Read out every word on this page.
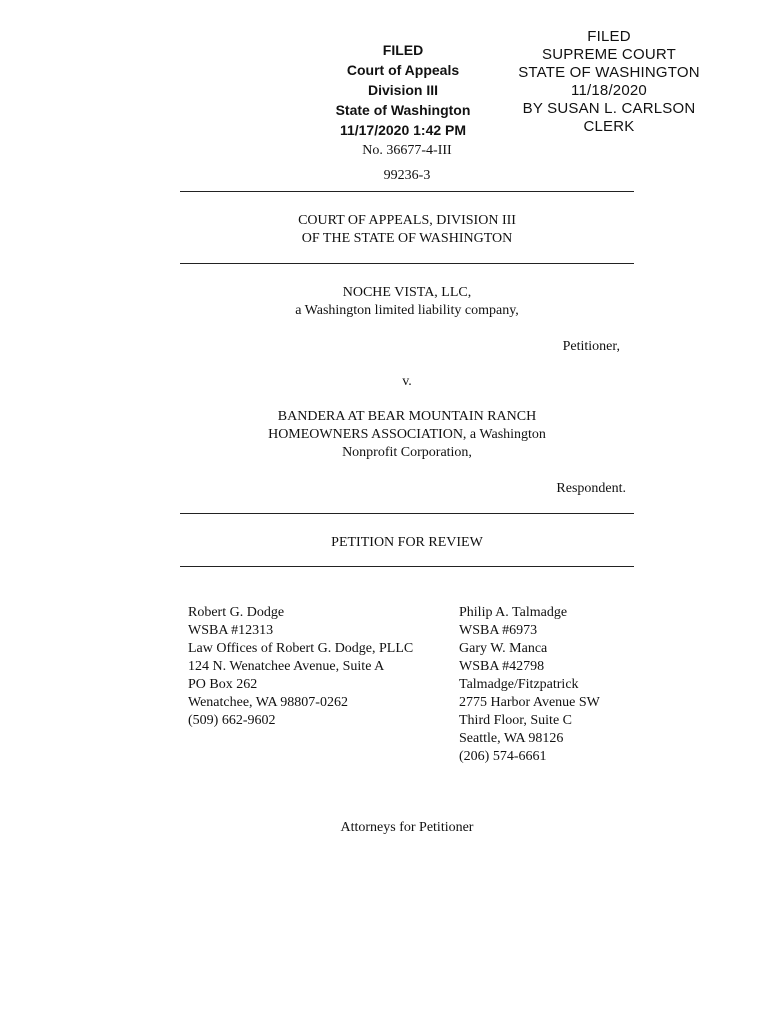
FILED
Court of Appeals
Division III
State of Washington
11/17/2020 1:42 PM
FILED
SUPREME COURT
STATE OF WASHINGTON
11/18/2020
BY SUSAN L. CARLSON
CLERK
No. 36677-4-III
99236-3
COURT OF APPEALS, DIVISION III
OF THE STATE OF WASHINGTON
NOCHE VISTA, LLC,
a Washington limited liability company,
Petitioner,
v.
BANDERA AT BEAR MOUNTAIN RANCH
HOMEOWNERS ASSOCIATION, a Washington
Nonprofit Corporation,
Respondent.
PETITION FOR REVIEW
Robert G. Dodge
WSBA #12313
Law Offices of Robert G. Dodge, PLLC
124 N. Wenatchee Avenue, Suite A
PO Box 262
Wenatchee, WA 98807-0262
(509) 662-9602
Philip A. Talmadge
WSBA #6973
Gary W. Manca
WSBA #42798
Talmadge/Fitzpatrick
2775 Harbor Avenue SW
Third Floor, Suite C
Seattle, WA 98126
(206) 574-6661
Attorneys for Petitioner
